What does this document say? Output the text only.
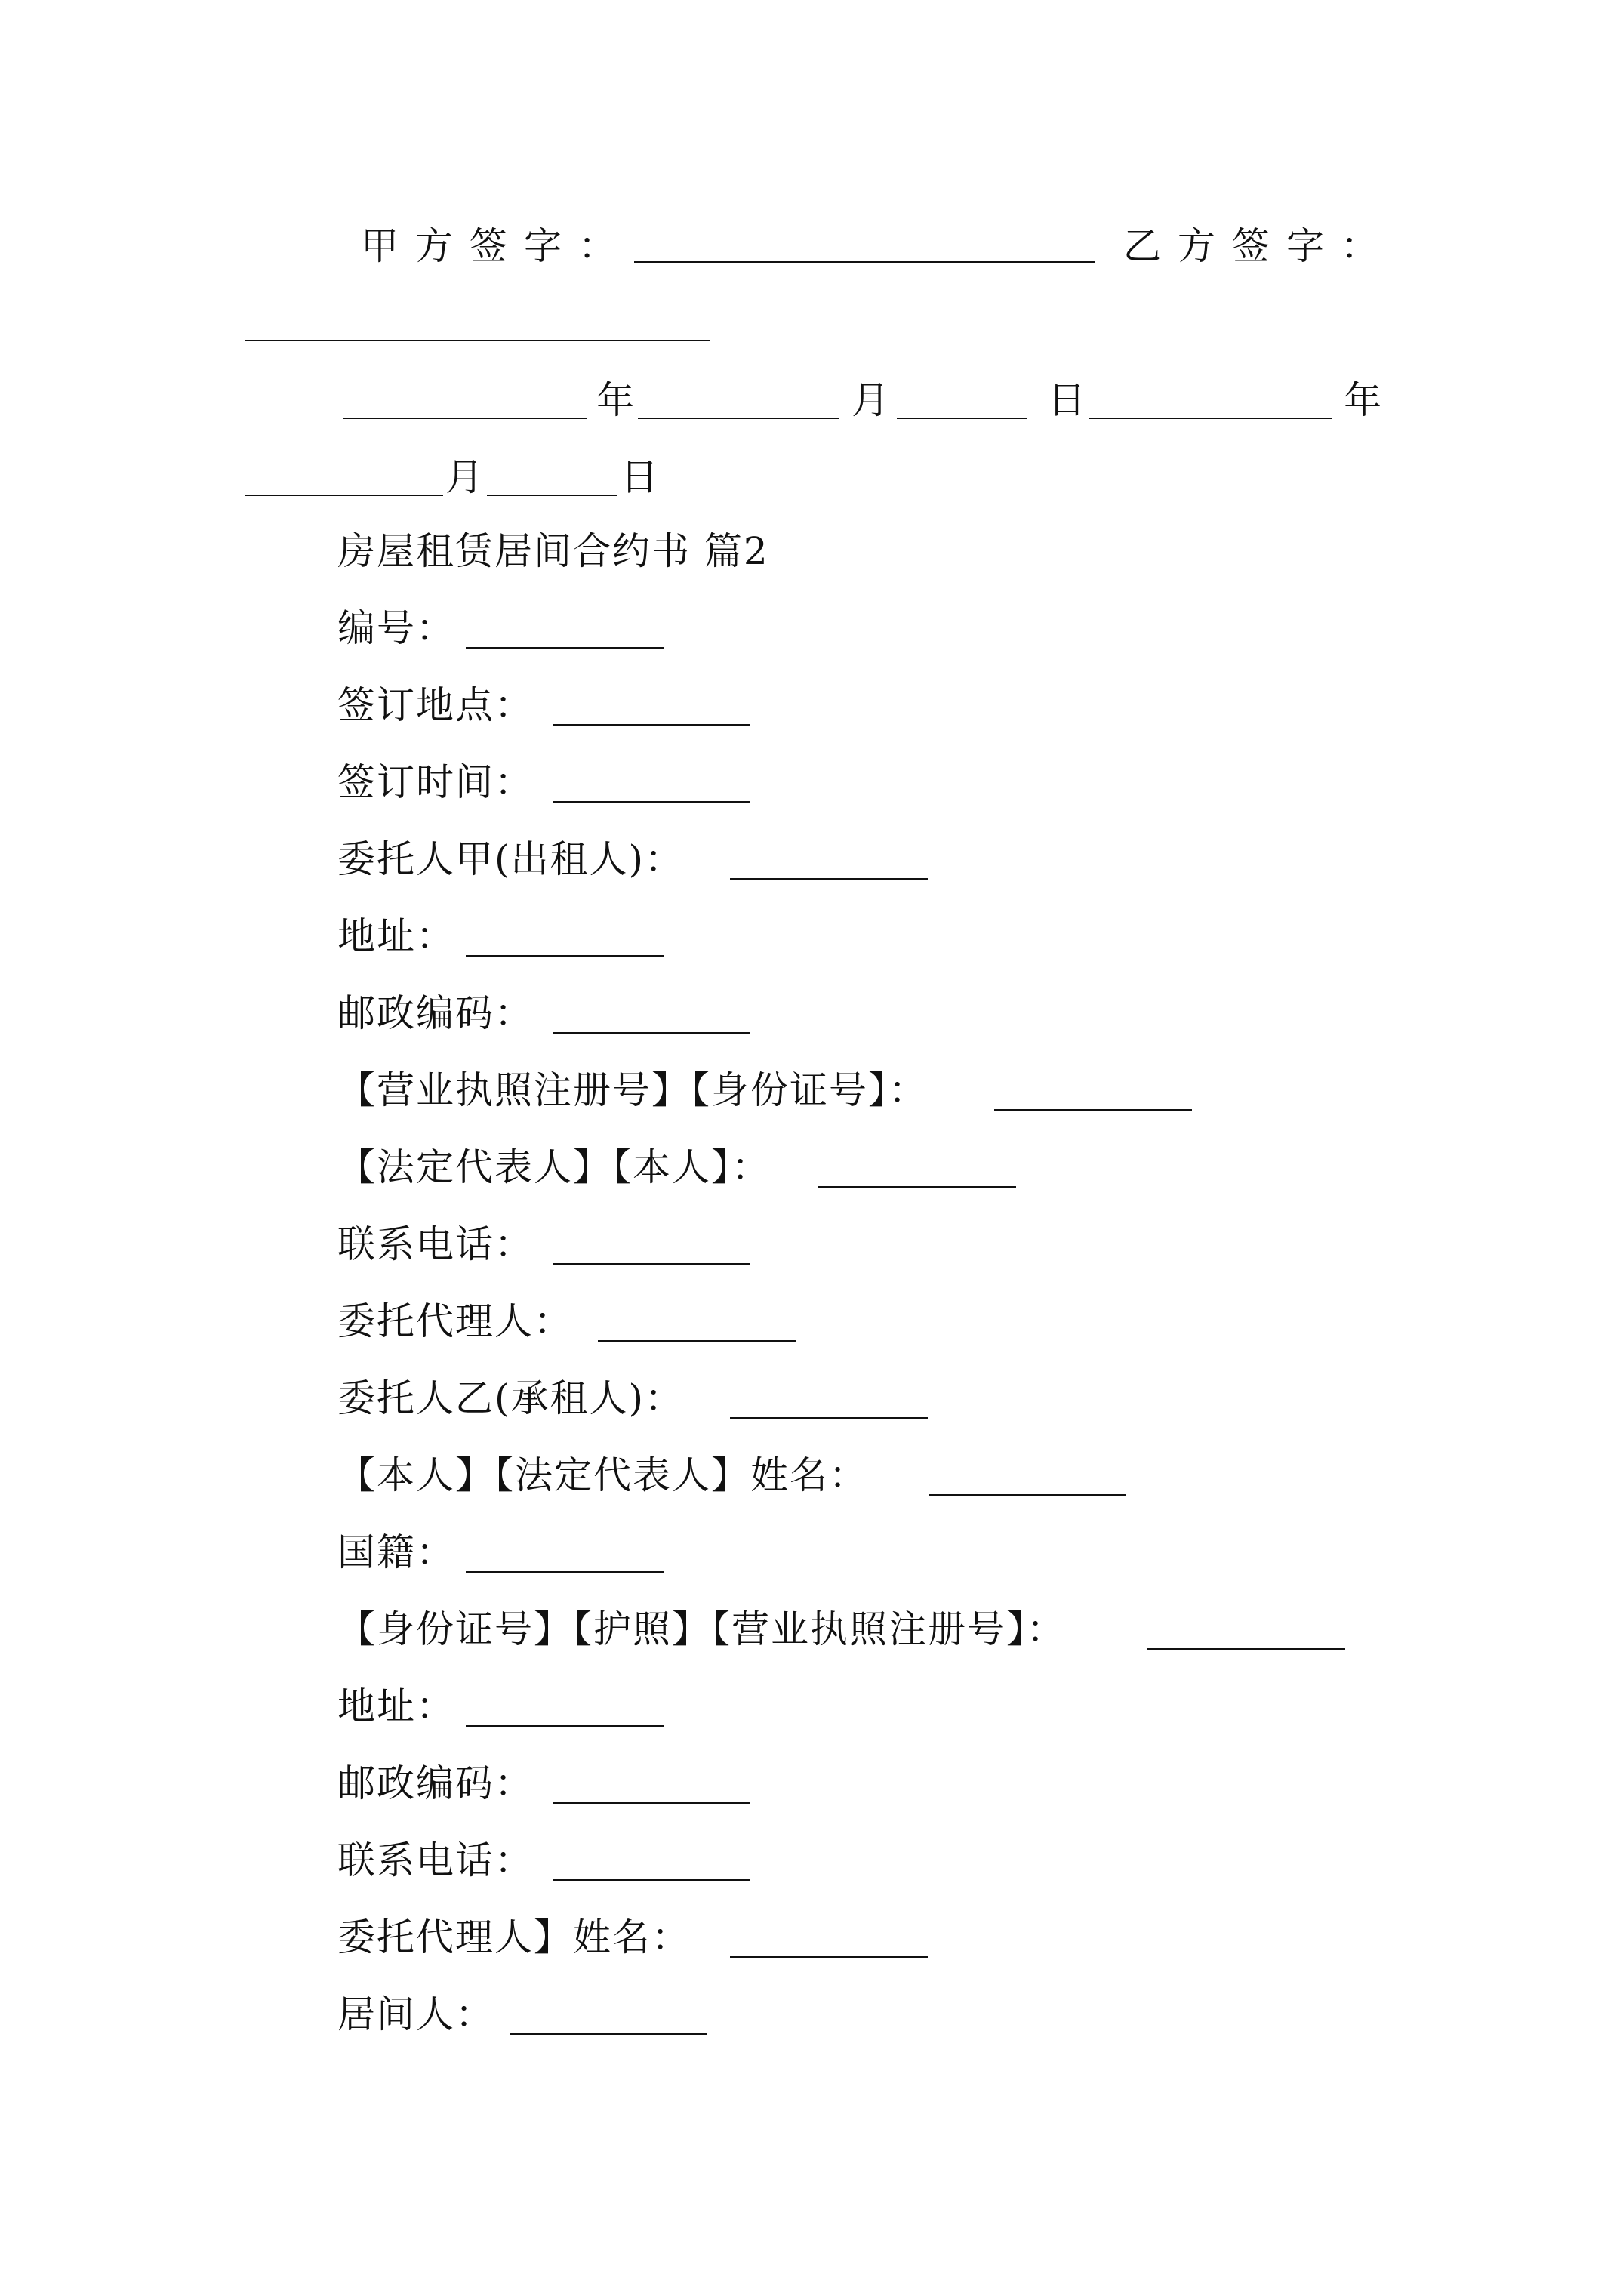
甲方签字：	乙方签字：
年	月	日	年
月	日
房屋租赁居间合约书 篇2
编号：
签订地点：
签订时间：
委托人甲(出租人)：
地址：
邮政编码：
【营业执照注册号】【身份证号】：
【法定代表人】【本人】：
联系电话：
委托代理人：
委托人乙(承租人)：
【本人】【法定代表人】姓名：
国籍：
【身份证号】【护照】【营业执照注册号】：
地址：
邮政编码：
联系电话：
委托代理人】姓名：
居间人：
